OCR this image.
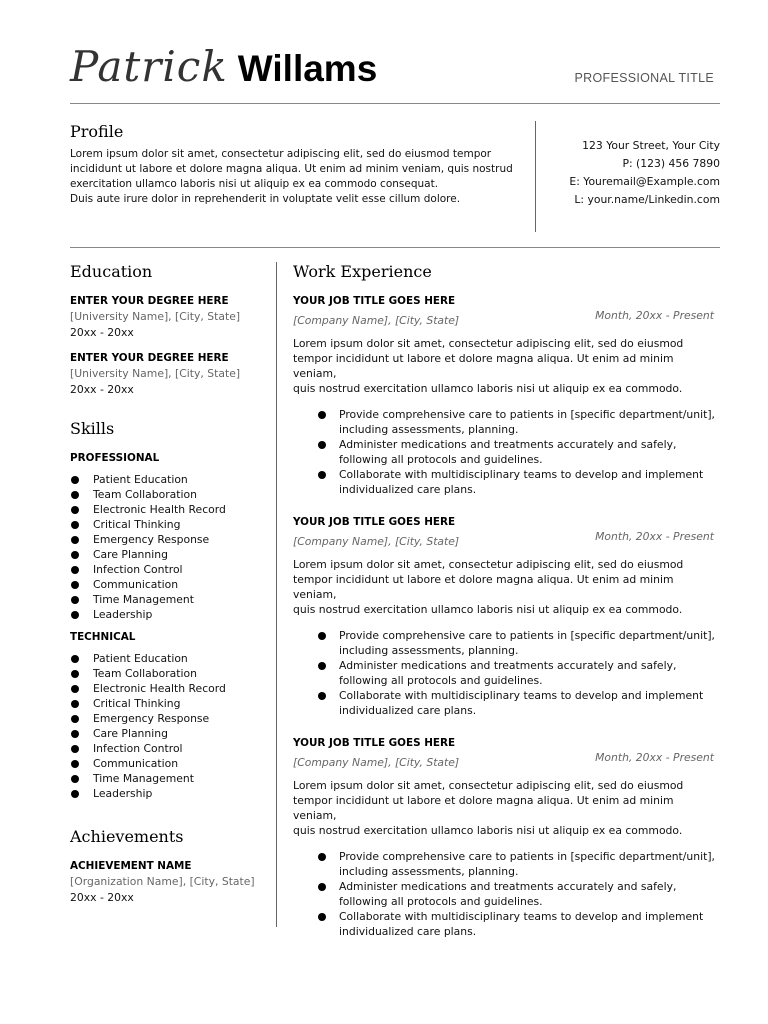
Patrick Willams	PROFESSIONAL TITLE
Profile
Lorem ipsum dolor sit amet, consectetur adipiscing elit, sed do eiusmod tempor
incididunt ut labore et dolore magna aliqua. Ut enim ad minim veniam, quis nostrud
exercitation ullamco laboris nisi ut aliquip ex ea commodo consequat.
Duis aute irure dolor in reprehenderit in voluptate velit esse cillum dolore.
123 Your Street, Your City
P: (123) 456 7890
E: Youremail@Example.com
L: your.name/Linkedin.com
Education
ENTER YOUR DEGREE HERE
[University Name], [City, State]
20xx - 20xx
ENTER YOUR DEGREE HERE
[University Name], [City, State]
20xx - 20xx
Skills
PROFESSIONAL
Patient Education
Team Collaboration
Electronic Health Record
Critical Thinking
Emergency Response
Care Planning
Infection Control
Communication
Time Management
Leadership
TECHNICAL
Patient Education
Team Collaboration
Electronic Health Record
Critical Thinking
Emergency Response
Care Planning
Infection Control
Communication
Time Management
Leadership
Achievements
ACHIEVEMENT NAME
[Organization Name], [City, State]
20xx - 20xx
Work Experience
YOUR JOB TITLE GOES HERE
[Company Name], [City, State]	Month, 20xx - Present
Lorem ipsum dolor sit amet, consectetur adipiscing elit, sed do eiusmod
tempor incididunt ut labore et dolore magna aliqua. Ut enim ad minim veniam,
quis nostrud exercitation ullamco laboris nisi ut aliquip ex ea commodo.
Provide comprehensive care to patients in [specific department/unit],
including assessments, planning.
Administer medications and treatments accurately and safely,
following all protocols and guidelines.
Collaborate with multidisciplinary teams to develop and implement
individualized care plans.
YOUR JOB TITLE GOES HERE
[Company Name], [City, State]	Month, 20xx - Present
Lorem ipsum dolor sit amet, consectetur adipiscing elit, sed do eiusmod
tempor incididunt ut labore et dolore magna aliqua. Ut enim ad minim veniam,
quis nostrud exercitation ullamco laboris nisi ut aliquip ex ea commodo.
Provide comprehensive care to patients in [specific department/unit],
including assessments, planning.
Administer medications and treatments accurately and safely,
following all protocols and guidelines.
Collaborate with multidisciplinary teams to develop and implement
individualized care plans.
YOUR JOB TITLE GOES HERE
[Company Name], [City, State]	Month, 20xx - Present
Lorem ipsum dolor sit amet, consectetur adipiscing elit, sed do eiusmod
tempor incididunt ut labore et dolore magna aliqua. Ut enim ad minim veniam,
quis nostrud exercitation ullamco laboris nisi ut aliquip ex ea commodo.
Provide comprehensive care to patients in [specific department/unit],
including assessments, planning.
Administer medications and treatments accurately and safely,
following all protocols and guidelines.
Collaborate with multidisciplinary teams to develop and implement
individualized care plans.
